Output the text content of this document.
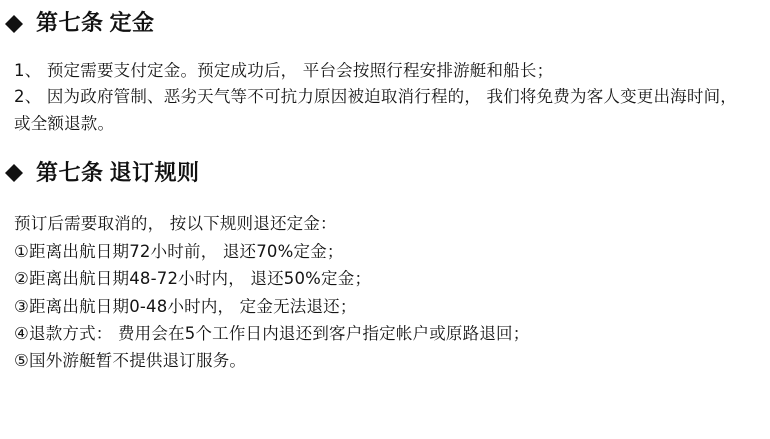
第七条 定金

1、 预定需要支付定金。预定成功后， 平台会按照行程安排游艇和船长；

2、 因为政府管制、恶劣天气等不可抗力原因被迫取消行程的， 我们将免费为客人变更出海时间， 或全额退款。

第七条 退订规则

预订后需要取消的， 按以下规则退还定金：

①距离出航日期72小时前， 退还70%定金；

②距离出航日期48-72小时内， 退还50%定金；

③距离出航日期0-48小时内， 定金无法退还；

④退款方式： 费用会在5个工作日内退还到客户指定帐户或原路退回；

⑤国外游艇暂不提供退订服务。
